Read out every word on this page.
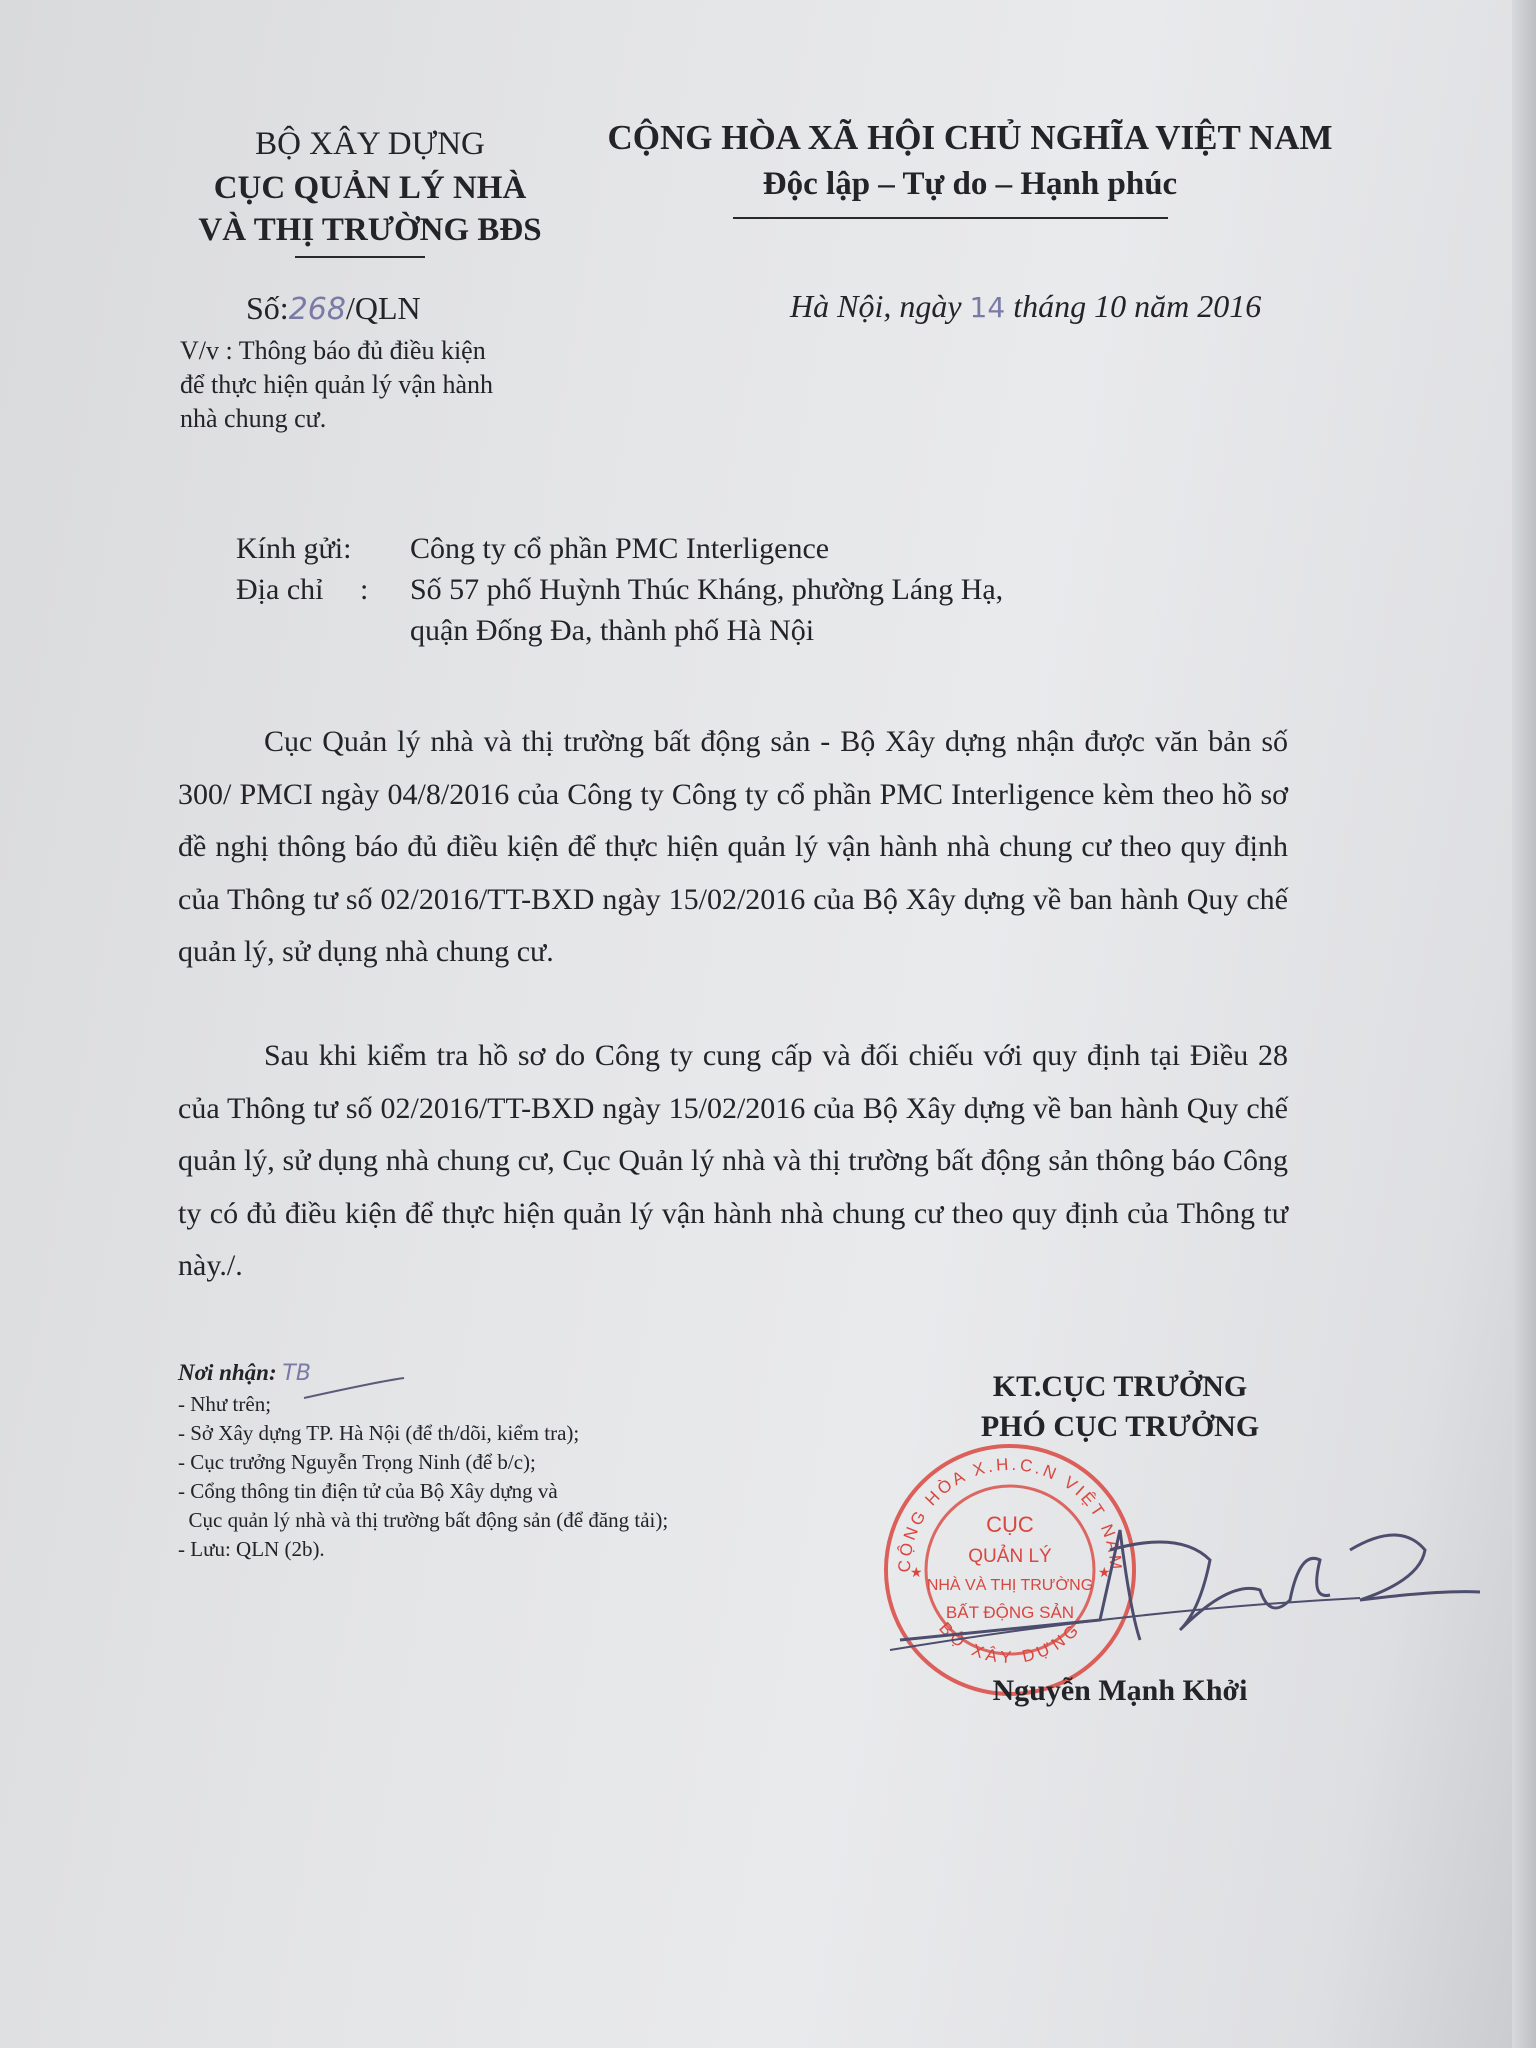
BỘ XÂY DỰNG
CỤC QUẢN LÝ NHÀ
VÀ THỊ TRƯỜNG BĐS
CỘNG HÒA XÃ HỘI CHỦ NGHĨA VIỆT NAM
Độc lập – Tự do – Hạnh phúc
Số:268/QLN
V/v : Thông báo đủ điều kiện
để thực hiện quản lý vận hành
nhà chung cư.
Hà Nội, ngày 14 tháng 10 năm 2016
Kính gửi: Công ty cổ phần PMC Interligence
Địa chỉ : Số 57 phố Huỳnh Thúc Kháng, phường Láng Hạ,
quận Đống Đa, thành phố Hà Nội
Cục Quản lý nhà và thị trường bất động sản - Bộ Xây dựng nhận được văn bản số 300/ PMCI ngày 04/8/2016 của Công ty Công ty cổ phần PMC Interligence kèm theo hồ sơ đề nghị thông báo đủ điều kiện để thực hiện quản lý vận hành nhà chung cư theo quy định của Thông tư số 02/2016/TT-BXD ngày 15/02/2016 của Bộ Xây dựng về ban hành Quy chế quản lý, sử dụng nhà chung cư.
Sau khi kiểm tra hồ sơ do Công ty cung cấp và đối chiếu với quy định tại Điều 28 của Thông tư số 02/2016/TT-BXD ngày 15/02/2016 của Bộ Xây dựng về ban hành Quy chế quản lý, sử dụng nhà chung cư, Cục Quản lý nhà và thị trường bất động sản thông báo Công ty có đủ điều kiện để thực hiện quản lý vận hành nhà chung cư theo quy định của Thông tư này./.
Nơi nhận: TB
- Như trên;
- Sở Xây dựng TP. Hà Nội (để th/dõi, kiểm tra);
- Cục trưởng Nguyễn Trọng Ninh (để b/c);
- Cổng thông tin điện tử của Bộ Xây dựng và
Cục quản lý nhà và thị trường bất động sản (để đăng tải);
- Lưu: QLN (2b).
KT.CỤC TRƯỞNG
PHÓ CỤC TRƯỞNG
CỘNG HÒA X.H.C.N VIỆT NAM
BỘ XÂY DỰNG
★	★
CỤC
QUẢN LÝ
NHÀ VÀ THỊ TRƯỜNG
BẤT ĐỘNG SẢN
Nguyễn Mạnh Khởi
